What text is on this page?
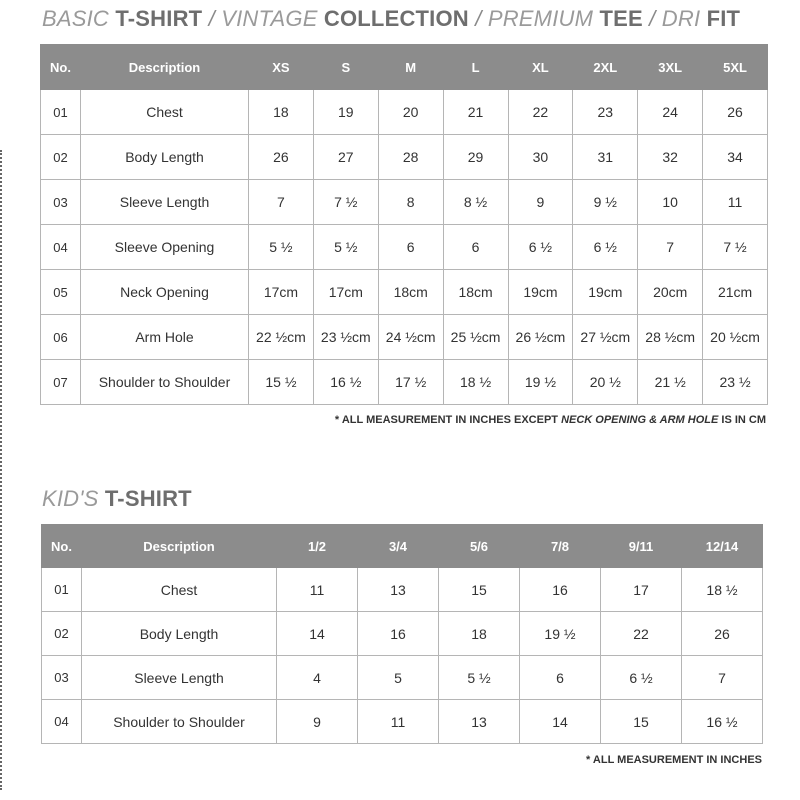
BASIC T-SHIRT / VINTAGE COLLECTION / PREMIUM TEE / DRI FIT
No.	Description	XS	S	M	L	XL	2XL	3XL	5XL
01	Chest	18	19	20	21	22	23	24	26
02	Body Length	26	27	28	29	30	31	32	34
03	Sleeve Length	7	7 ½	8	8 ½	9	9 ½	10	11
04	Sleeve Opening	5 ½	5 ½	6	6	6 ½	6 ½	7	7 ½
05	Neck Opening	17cm	17cm	18cm	18cm	19cm	19cm	20cm	21cm
06	Arm Hole	22 ½cm	23 ½cm	24 ½cm	25 ½cm	26 ½cm	27 ½cm	28 ½cm	20 ½cm
07	Shoulder to Shoulder	15 ½	16 ½	17 ½	18 ½	19 ½	20 ½	21 ½	23 ½
* ALL MEASUREMENT IN INCHES EXCEPT NECK OPENING & ARM HOLE IS IN CM
KID'S T-SHIRT
No.	Description	1/2	3/4	5/6	7/8	9/11	12/14
01	Chest	11	13	15	16	17	18 ½
02	Body Length	14	16	18	19 ½	22	26
03	Sleeve Length	4	5	5 ½	6	6 ½	7
04	Shoulder to Shoulder	9	11	13	14	15	16 ½
* ALL MEASUREMENT IN INCHES
